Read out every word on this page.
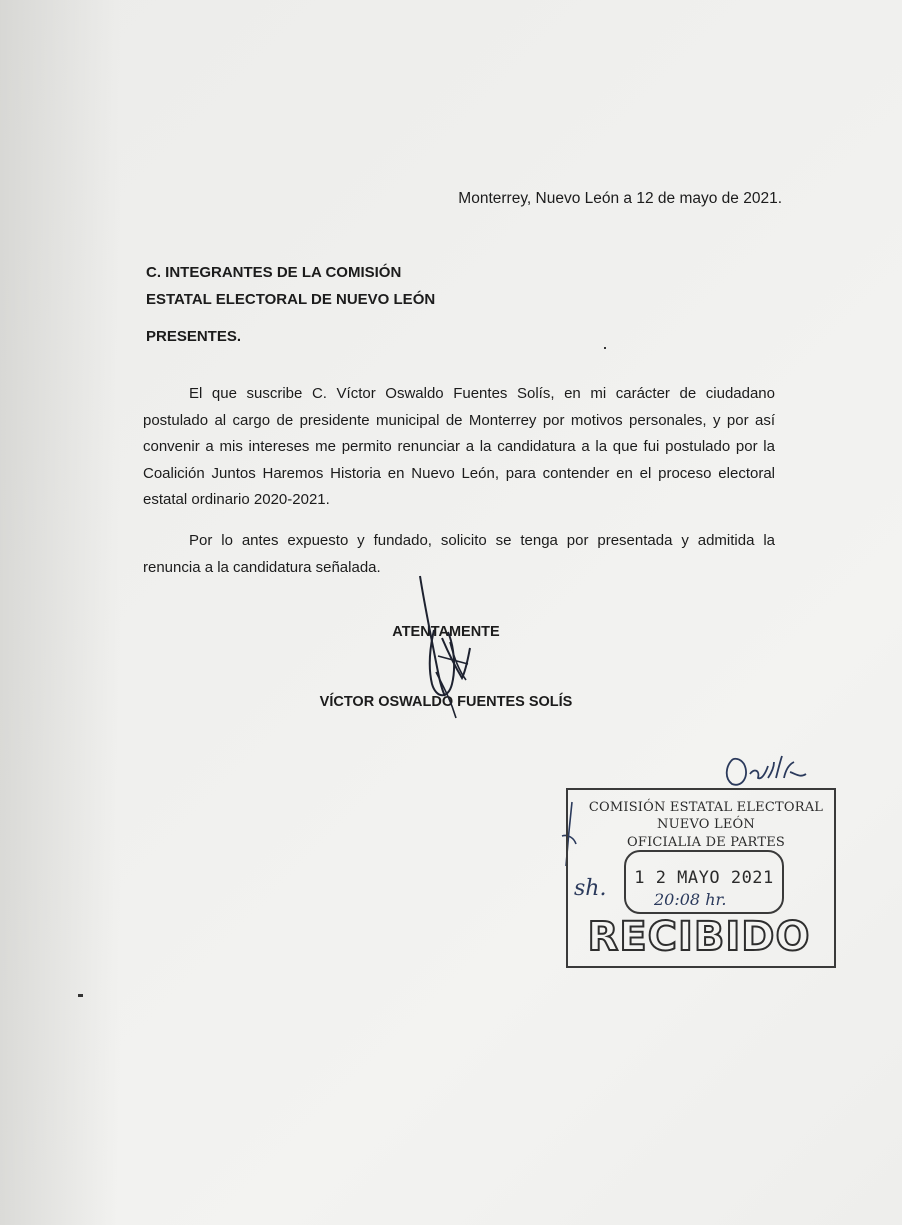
Monterrey, Nuevo León a 12 de mayo de 2021.
C. INTEGRANTES DE LA COMISIÓN
ESTATAL ELECTORAL DE NUEVO LEÓN
PRESENTES.
El que suscribe C. Víctor Oswaldo Fuentes Solís, en mi carácter de ciudadano postulado al cargo de presidente municipal de Monterrey por motivos personales, y por así convenir a mis intereses me permito renunciar a la candidatura a la que fui postulado por la Coalición Juntos Haremos Historia en Nuevo León, para contender en el proceso electoral estatal ordinario 2020-2021.
Por lo antes expuesto y fundado, solicito se tenga por presentada y admitida la renuncia a la candidatura señalada.
ATENTAMENTE
VÍCTOR OSWALDO FUENTES SOLÍS
COMISIÓN ESTATAL ELECTORAL
NUEVO LEÓN
OFICIALIA DE PARTES
1 2 MAYO 2021
sh.	20:08 hr.
RECIBIDO
